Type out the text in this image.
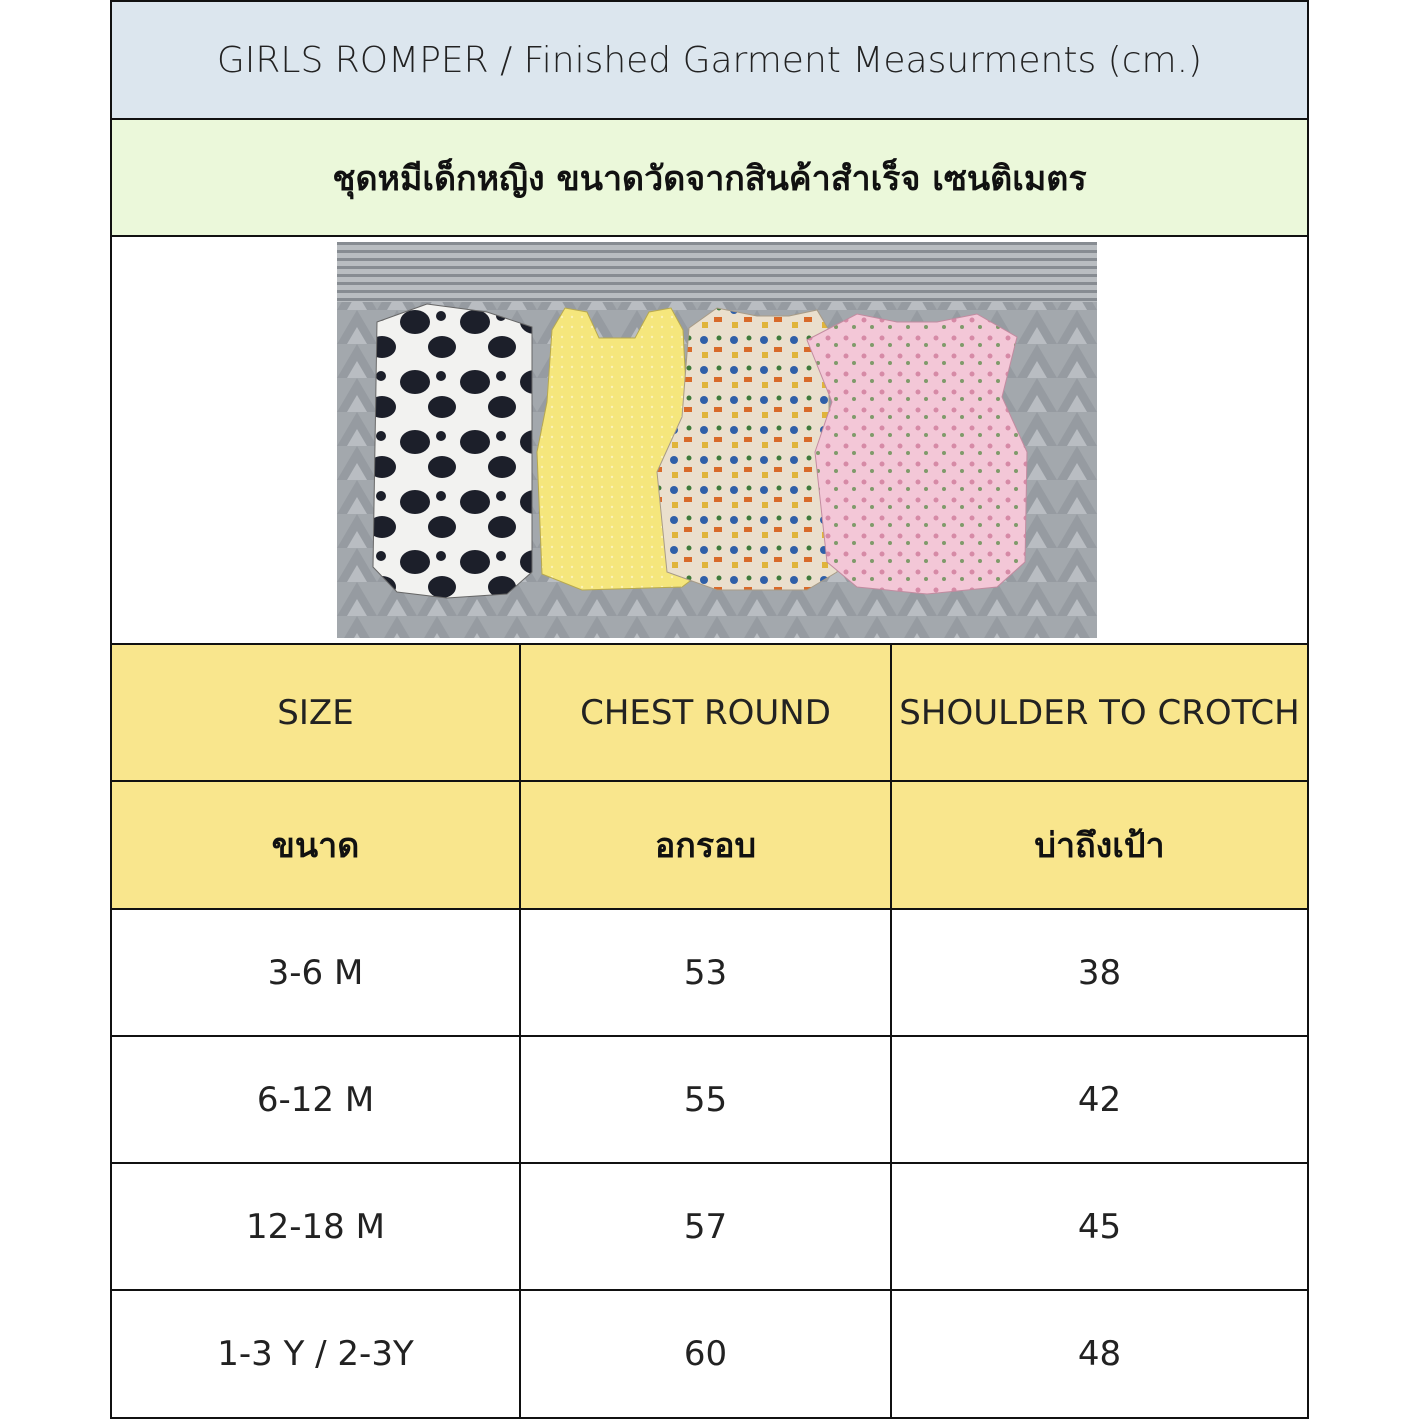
GIRLS ROMPER / Finished Garment Measurments (cm.)
ชุดหมีเด็กหญิง ขนาดวัดจากสินค้าสำเร็จ เซนติเมตร
SIZE	CHEST ROUND	SHOULDER TO CROTCH
ขนาด	อกรอบ	บ่าถึงเป้า
3-6 M	53	38
6-12 M	55	42
12-18 M	57	45
1-3 Y / 2-3Y	60	48
